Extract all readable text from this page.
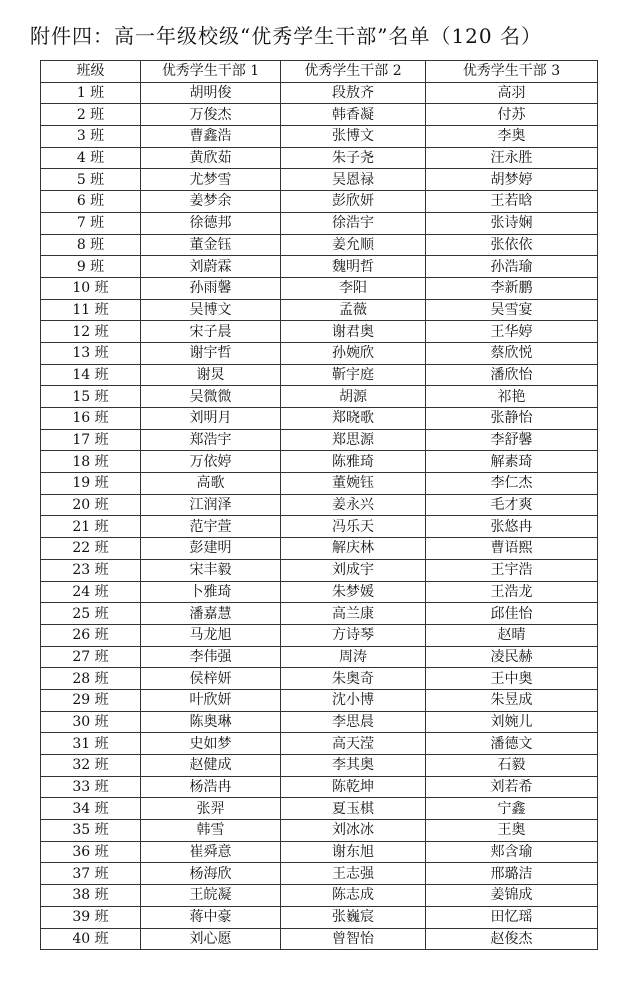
附件四：高一年级校级“优秀学生干部”名单（120 名）
班级	优秀学生干部 1	优秀学生干部 2	优秀学生干部 3
1 班	胡明俊	段敖齐	高羽
2 班	万俊杰	韩香凝	付苏
3 班	曹鑫浩	张博文	李奥
4 班	黄欣茹	朱子尧	汪永胜
5 班	尤梦雪	吴恩禄	胡梦婷
6 班	姜梦余	彭欣妍	王若晗
7 班	徐德邦	徐浩宇	张诗娴
8 班	董金钰	姜允顺	张依依
9 班	刘蔚霖	魏明哲	孙浩瑜
10 班	孙雨馨	李阳	李新鹏
11 班	吴博文	孟薇	吴雪宴
12 班	宋子晨	谢君奥	王华婷
13 班	谢宇哲	孙婉欣	蔡欣悦
14 班	谢炅	靳宇庭	潘欣怡
15 班	吴微微	胡源	祁艳
16 班	刘明月	郑晓歌	张静怡
17 班	郑浩宇	郑思源	李舒馨
18 班	万依婷	陈雅琦	解素琦
19 班	高歌	董婉钰	李仁杰
20 班	江润泽	姜永兴	毛才爽
21 班	范宇萱	冯乐天	张悠冉
22 班	彭建明	解庆林	曹语熙
23 班	宋丰毅	刘成宇	王宇浩
24 班	卜雅琦	朱梦媛	王浩龙
25 班	潘嘉慧	高兰康	邱佳怡
26 班	马龙旭	方诗琴	赵晴
27 班	李伟强	周涛	凌民赫
28 班	侯梓妍	朱奥奇	王中奥
29 班	叶欣妍	沈小博	朱昱成
30 班	陈奥琳	李思晨	刘婉儿
31 班	史如梦	高天滢	潘德文
32 班	赵健成	李其奥	石毅
33 班	杨浩冉	陈乾坤	刘若希
34 班	张羿	夏玉棋	宁鑫
35 班	韩雪	刘冰冰	王奥
36 班	崔舜意	谢东旭	郏含瑜
37 班	杨海欣	王志强	邢璐洁
38 班	王皖凝	陈志成	姜锦成
39 班	蒋中豪	张巍宸	田忆瑶
40 班	刘心愿	曾智怡	赵俊杰
